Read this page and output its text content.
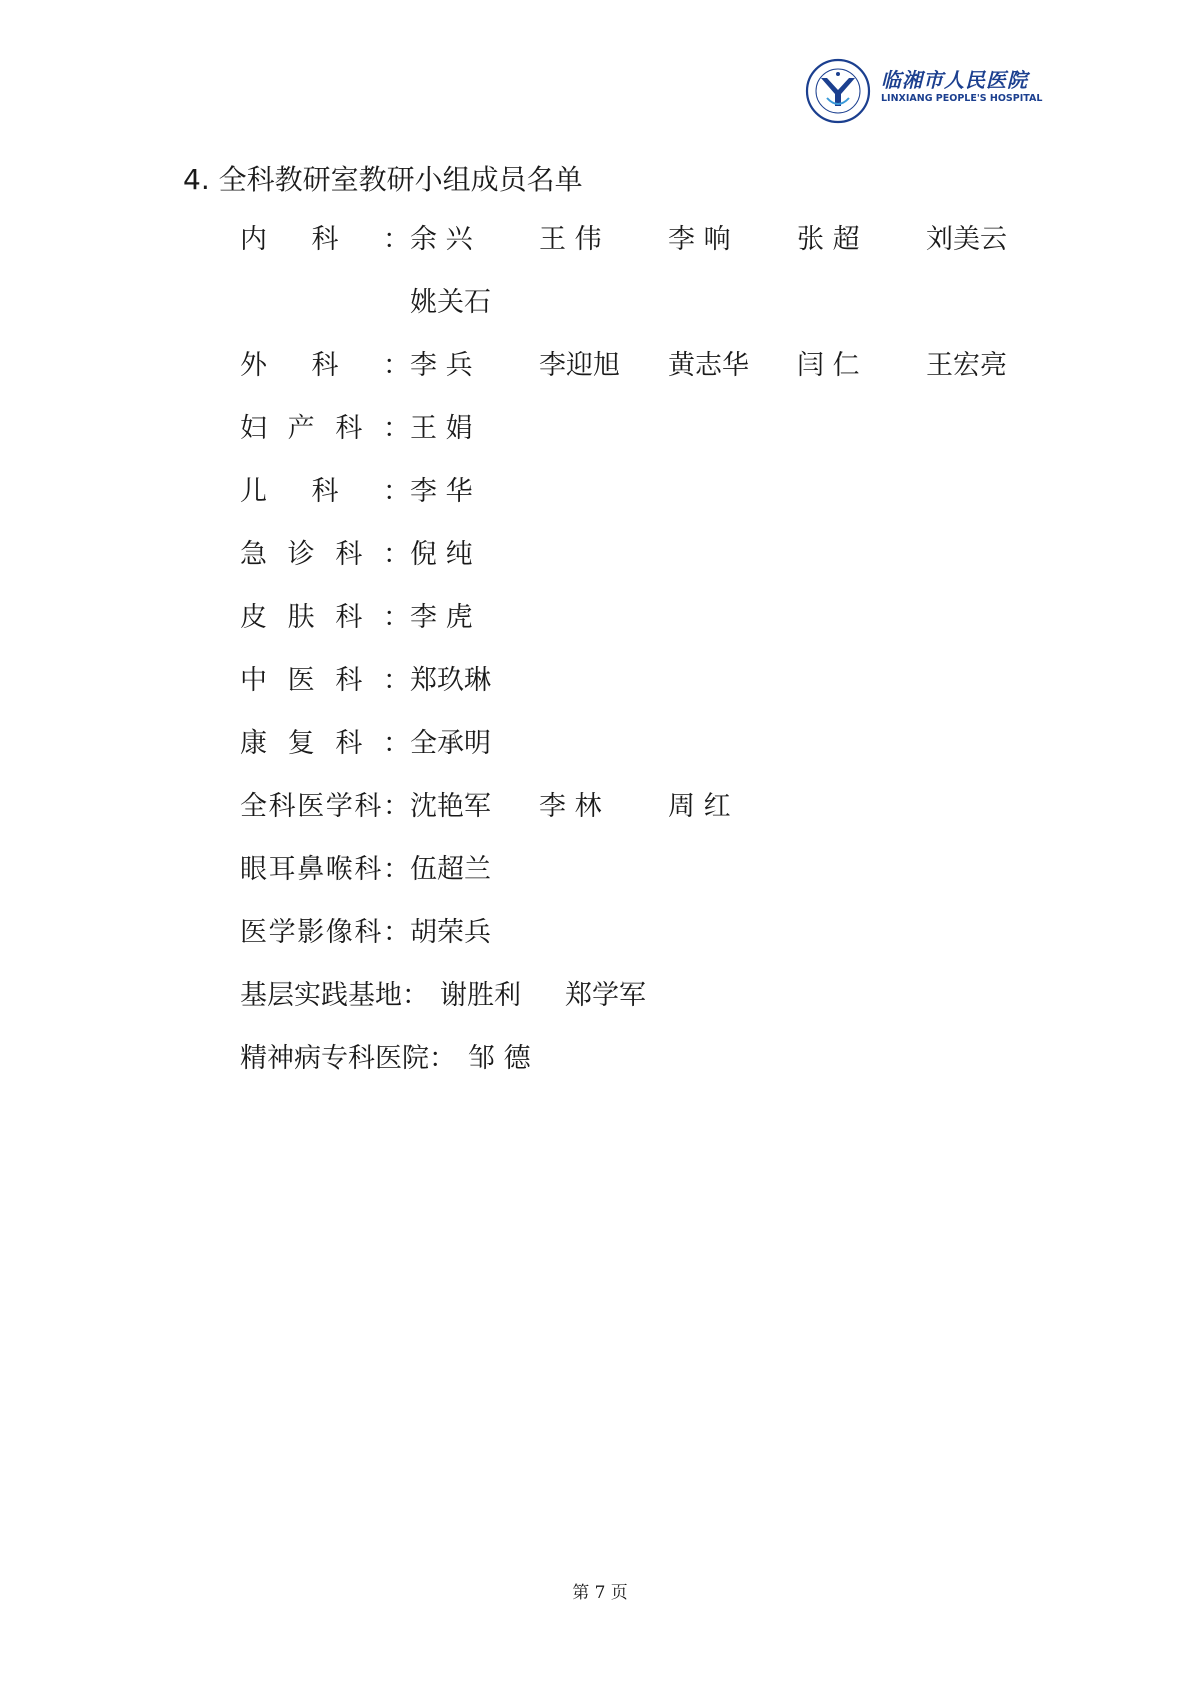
临湘市人民医院
LINXIANG PEOPLE'S HOSPITAL
4. 全科教研室教研小组成员名单
内科： 余 兴 王 伟 李 响 张 超 刘美云
姚关石
外科： 李 兵 李迎旭 黄志华 闫 仁 王宏亮
妇产科： 王 娟
儿科： 李 华
急诊科： 倪 纯
皮肤科： 李 虎
中医科： 郑玖琳
康复科： 全承明
全科医学科： 沈艳军 李 林 周 红
眼耳鼻喉科： 伍超兰
医学影像科： 胡荣兵
基层实践基地： 谢胜利 郑学军
精神病专科医院： 邹 德
第 7 页
